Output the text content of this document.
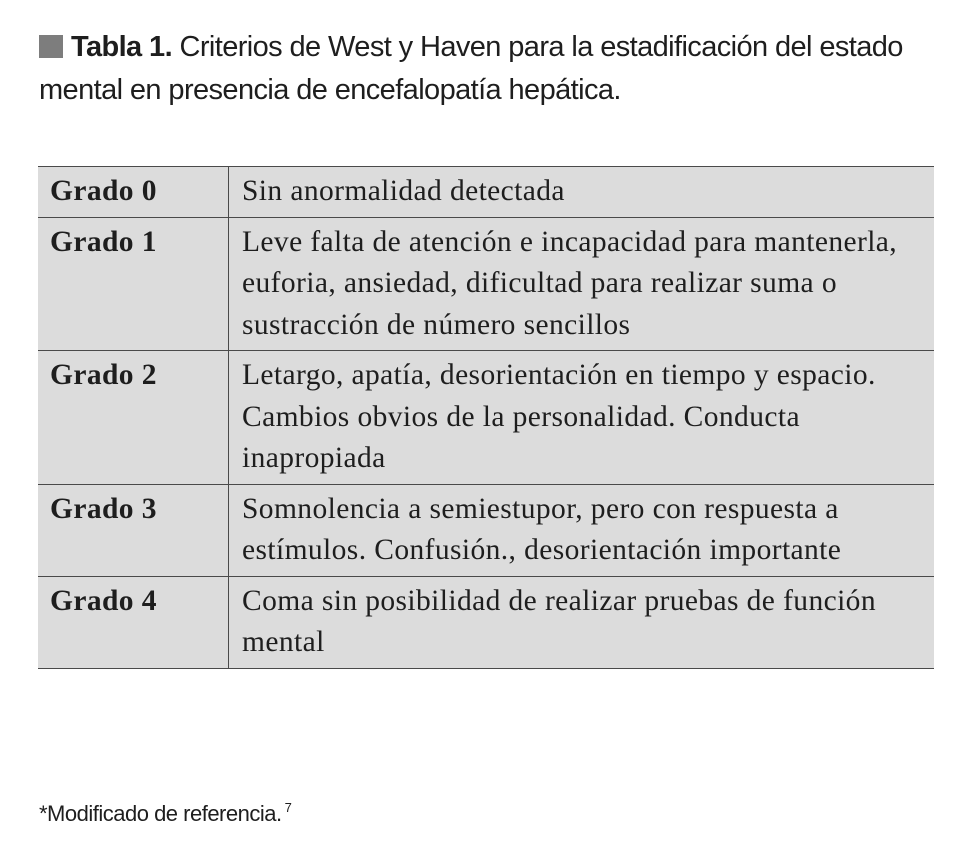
Tabla 1. Criterios de West y Haven para la estadificación del estado mental en presencia de encefalopatía hepática.
Grado 0	Sin anormalidad detectada
Grado 1	Leve falta de atención e incapacidad para mantenerla, euforia, ansiedad, dificultad para realizar suma o sustracción de número sencillos
Grado 2	Letargo, apatía, desorientación en tiempo y espacio. Cambios obvios de la personalidad. Conducta inapropiada
Grado 3	Somnolencia a semiestupor, pero con respuesta a estímulos. Confusión., desorientación importante
Grado 4	Coma sin posibilidad de realizar pruebas de función mental
*Modificado de referencia. $^7$
